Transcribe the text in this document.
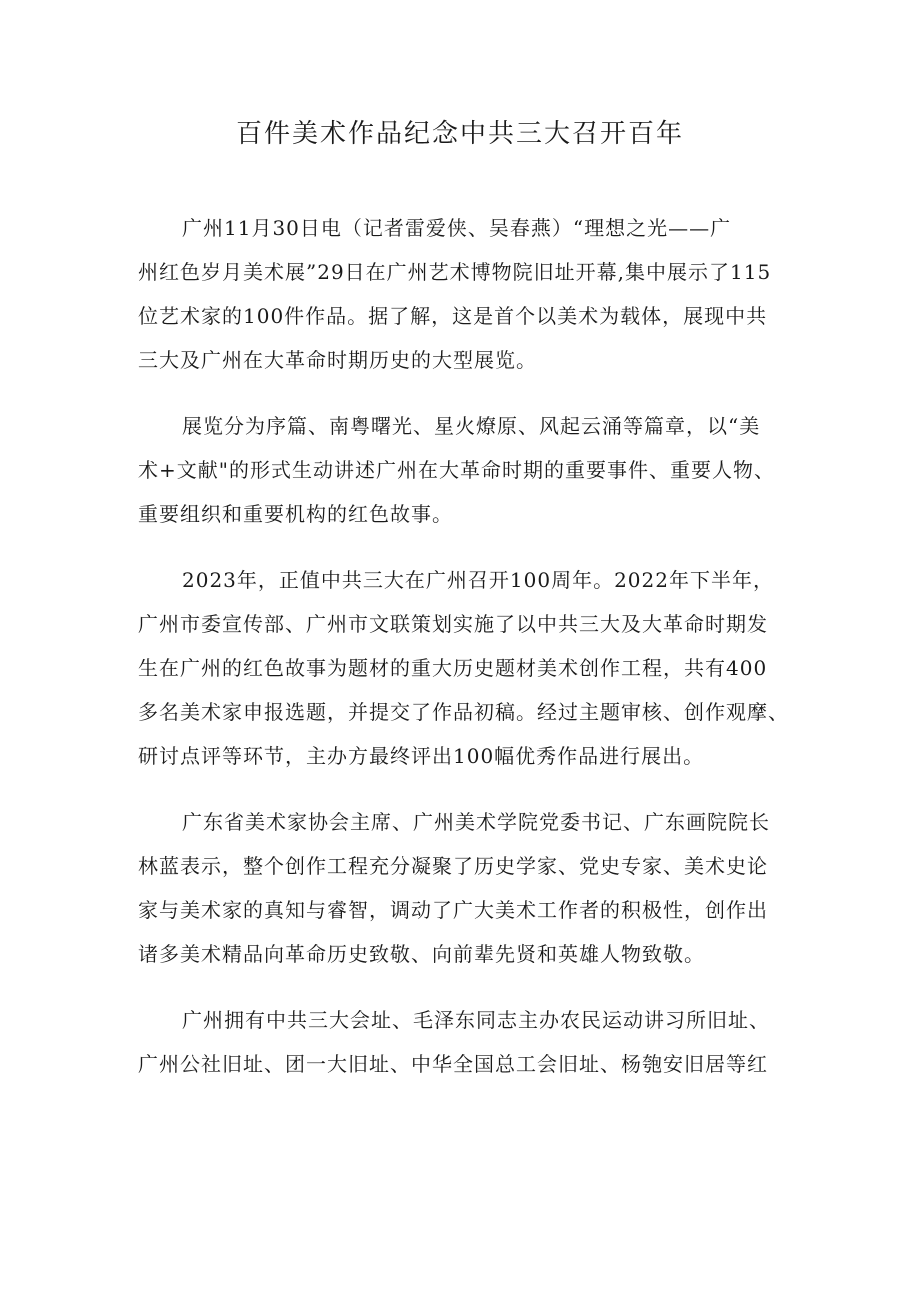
百件美术作品纪念中共三大召开百年

广州11月30日电（记者雷爱侠、吴春燕）“理想之光——广
州红色岁月美术展”29日在广州艺术博物院旧址开幕,集中展示了115
位艺术家的100件作品。据了解，这是首个以美术为载体，展现中共
三大及广州在大革命时期历史的大型展览。

展览分为序篇、南粤曙光、星火燎原、风起云涌等篇章，以“美
术+文献"的形式生动讲述广州在大革命时期的重要事件、重要人物、
重要组织和重要机构的红色故事。

2023年，正值中共三大在广州召开100周年。2022年下半年，
广州市委宣传部、广州市文联策划实施了以中共三大及大革命时期发
生在广州的红色故事为题材的重大历史题材美术创作工程，共有400
多名美术家申报选题，并提交了作品初稿。经过主题审核、创作观摩、
研讨点评等环节，主办方最终评出100幅优秀作品进行展出。

广东省美术家协会主席、广州美术学院党委书记、广东画院院长
林蓝表示，整个创作工程充分凝聚了历史学家、党史专家、美术史论
家与美术家的真知与睿智，调动了广大美术工作者的积极性，创作出
诸多美术精品向革命历史致敬、向前辈先贤和英雄人物致敬。

广州拥有中共三大会址、毛泽东同志主办农民运动讲习所旧址、
广州公社旧址、团一大旧址、中华全国总工会旧址、杨匏安旧居等红
